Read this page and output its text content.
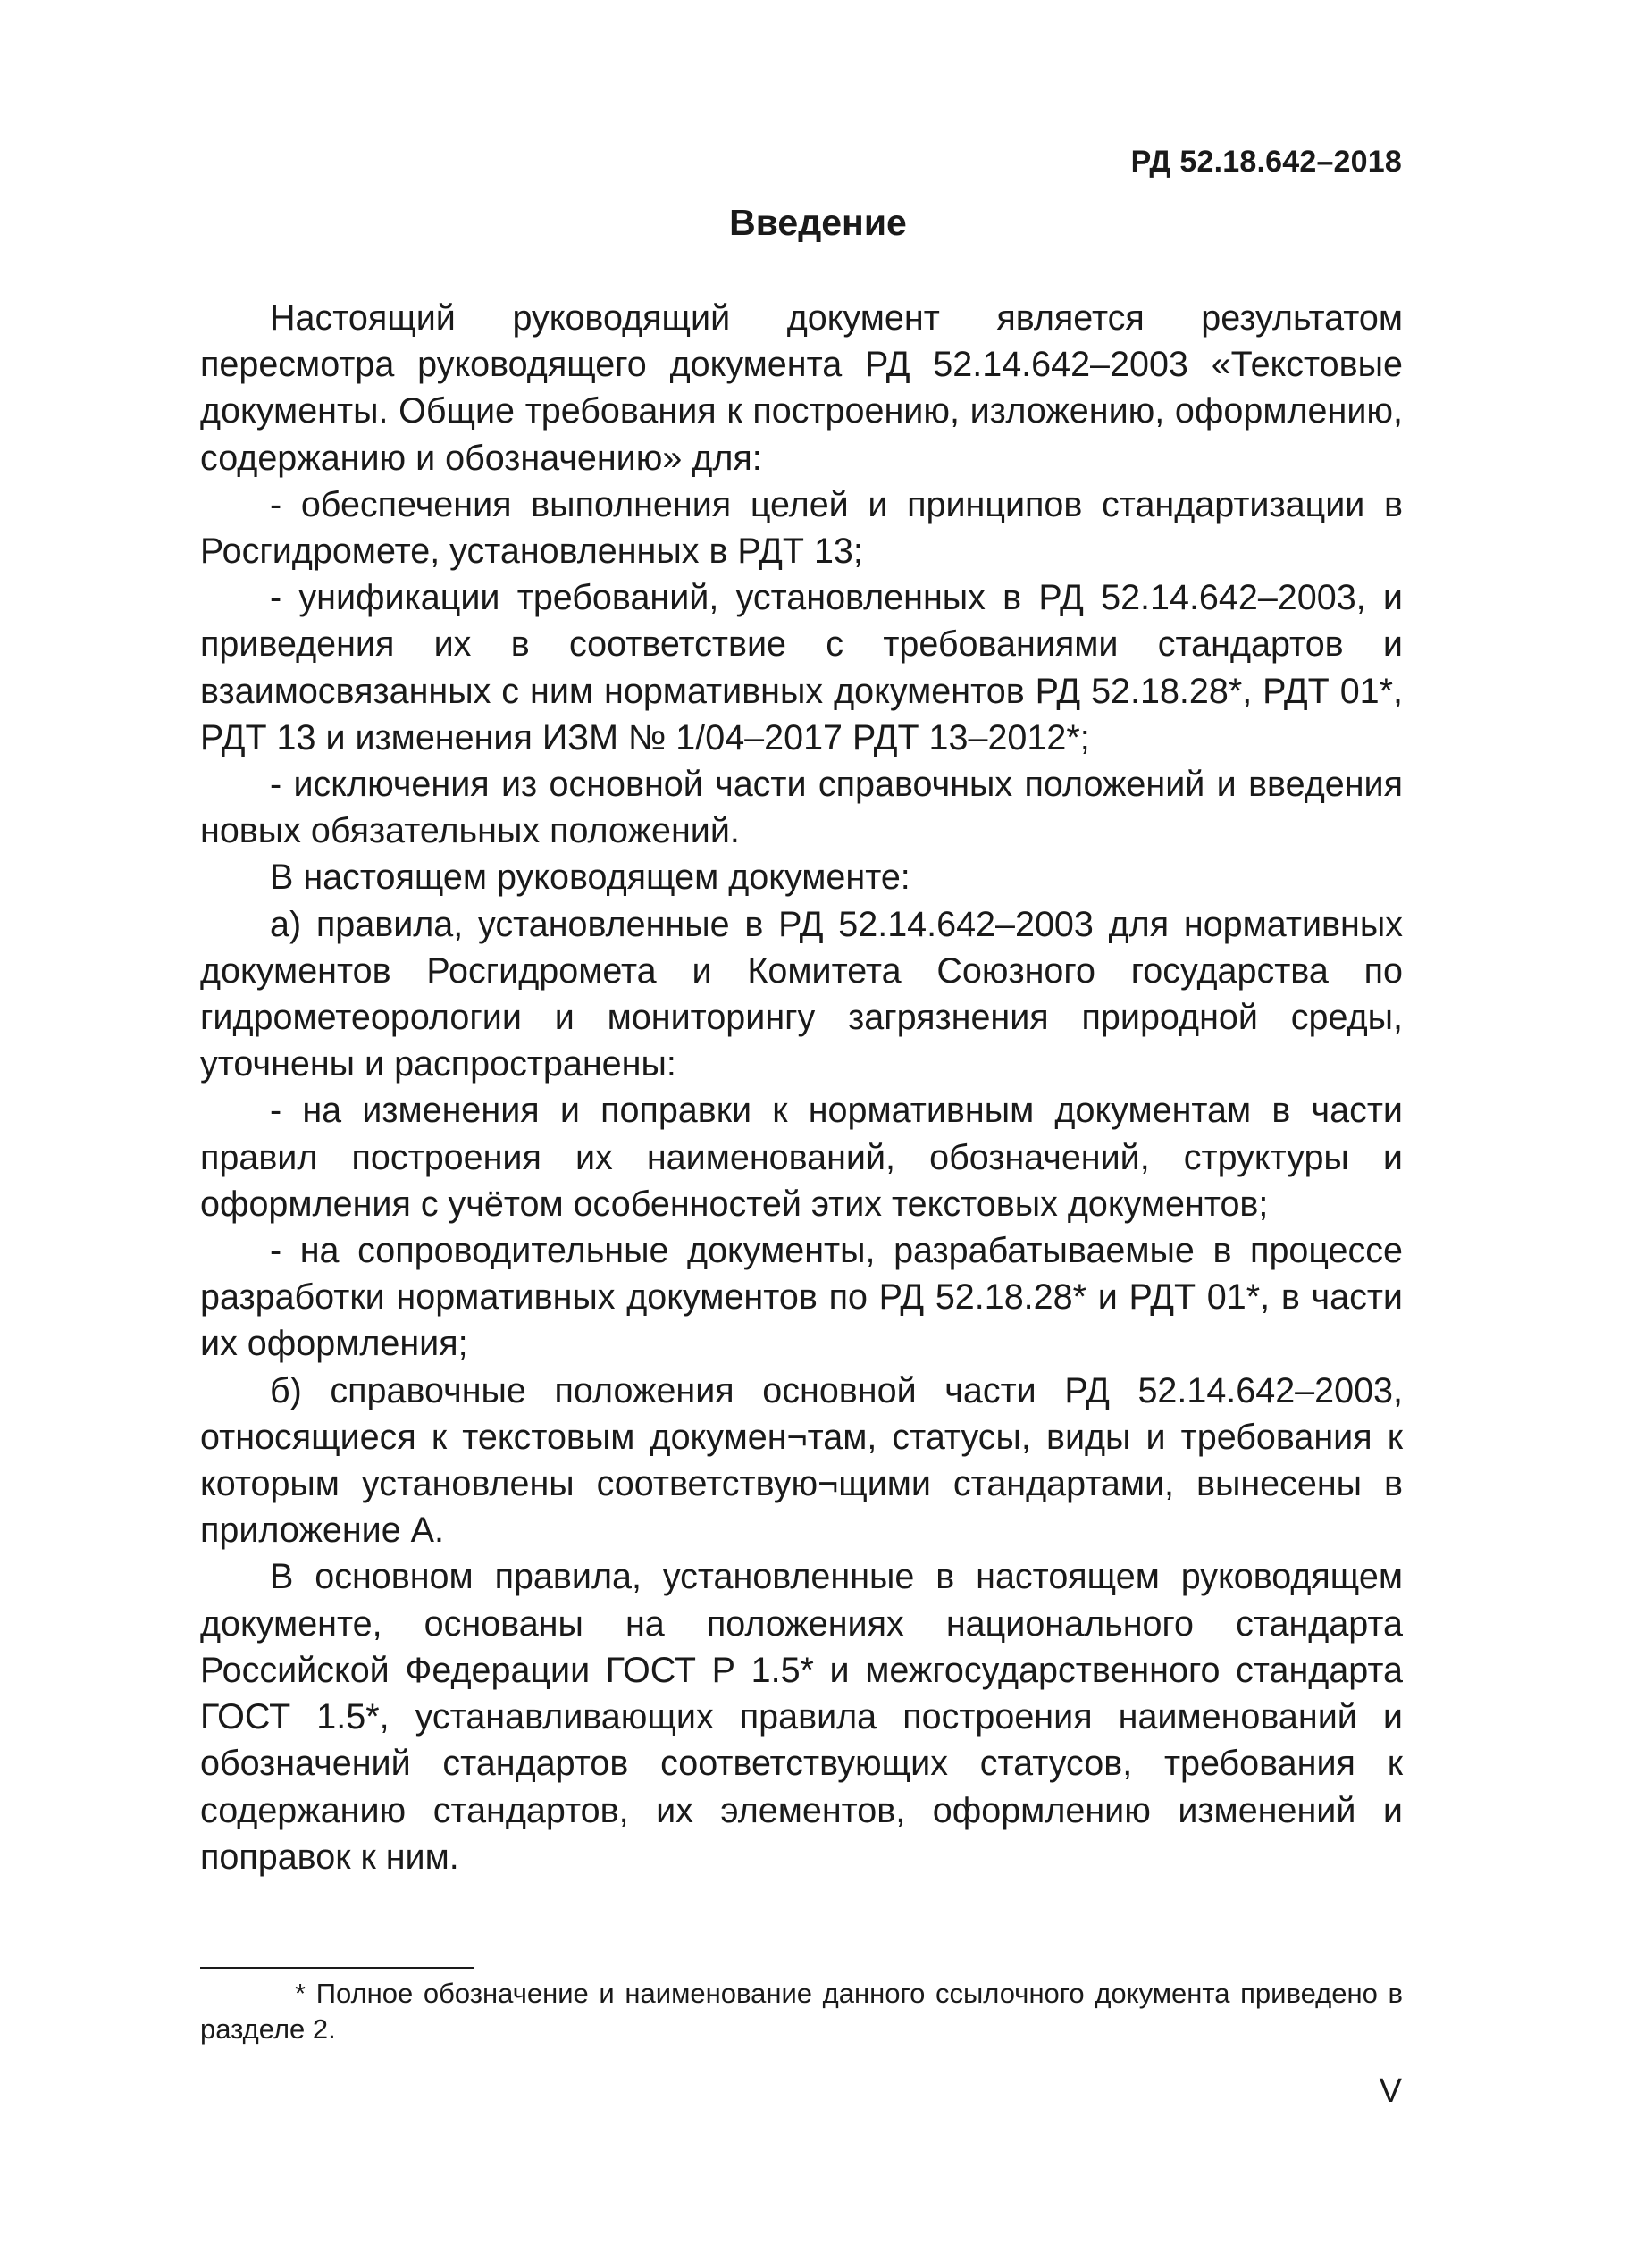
РД 52.18.642–2018
Введение

Настоящий руководящий документ является результатом пересмотра руководящего документа РД 52.14.642–2003 «Текстовые документы. Общие требования к построению, изложению, оформлению, содержанию и обозначению» для:

- обеспечения выполнения целей и принципов стандартизации в Росгидромете, установленных в РДТ 13;

- унификации требований, установленных в РД 52.14.642–2003, и приведения их в соответствие с требованиями стандартов и взаимосвязанных с ним нормативных документов РД 52.18.28*, РДТ 01*, РДТ 13 и изменения ИЗМ № 1/04–2017 РДТ 13–2012*;

- исключения из основной части справочных положений и введения новых обязательных положений.

В настоящем руководящем документе:

а) правила, установленные в РД 52.14.642–2003 для нормативных документов Росгидромета и Комитета Союзного государства по гидрометеорологии и мониторингу загрязнения природной среды, уточнены и распространены:

- на изменения и поправки к нормативным документам в части правил построения их наименований, обозначений, структуры и оформления с учётом особенностей этих текстовых документов;

- на сопроводительные документы, разрабатываемые в процессе разработки нормативных документов по РД 52.18.28* и РДТ 01*, в части их оформления;

б) справочные положения основной части РД 52.14.642–2003, относящиеся к текстовым докумен¬там, статусы, виды и требования к которым установлены соответствую¬щими стандартами, вынесены в приложение А.

В основном правила, установленные в настоящем руководящем документе, основаны на положениях национального стандарта Российской Федерации ГОСТ Р 1.5* и межгосударственного стандарта ГОСТ 1.5*, устанавливающих правила построения наименований и обозначений стандартов соответствующих статусов, требования к содержанию стандартов, их элементов, оформлению изменений и поправок к ним.

* Полное обозначение и наименование данного ссылочного документа приведено в разделе 2.

V
